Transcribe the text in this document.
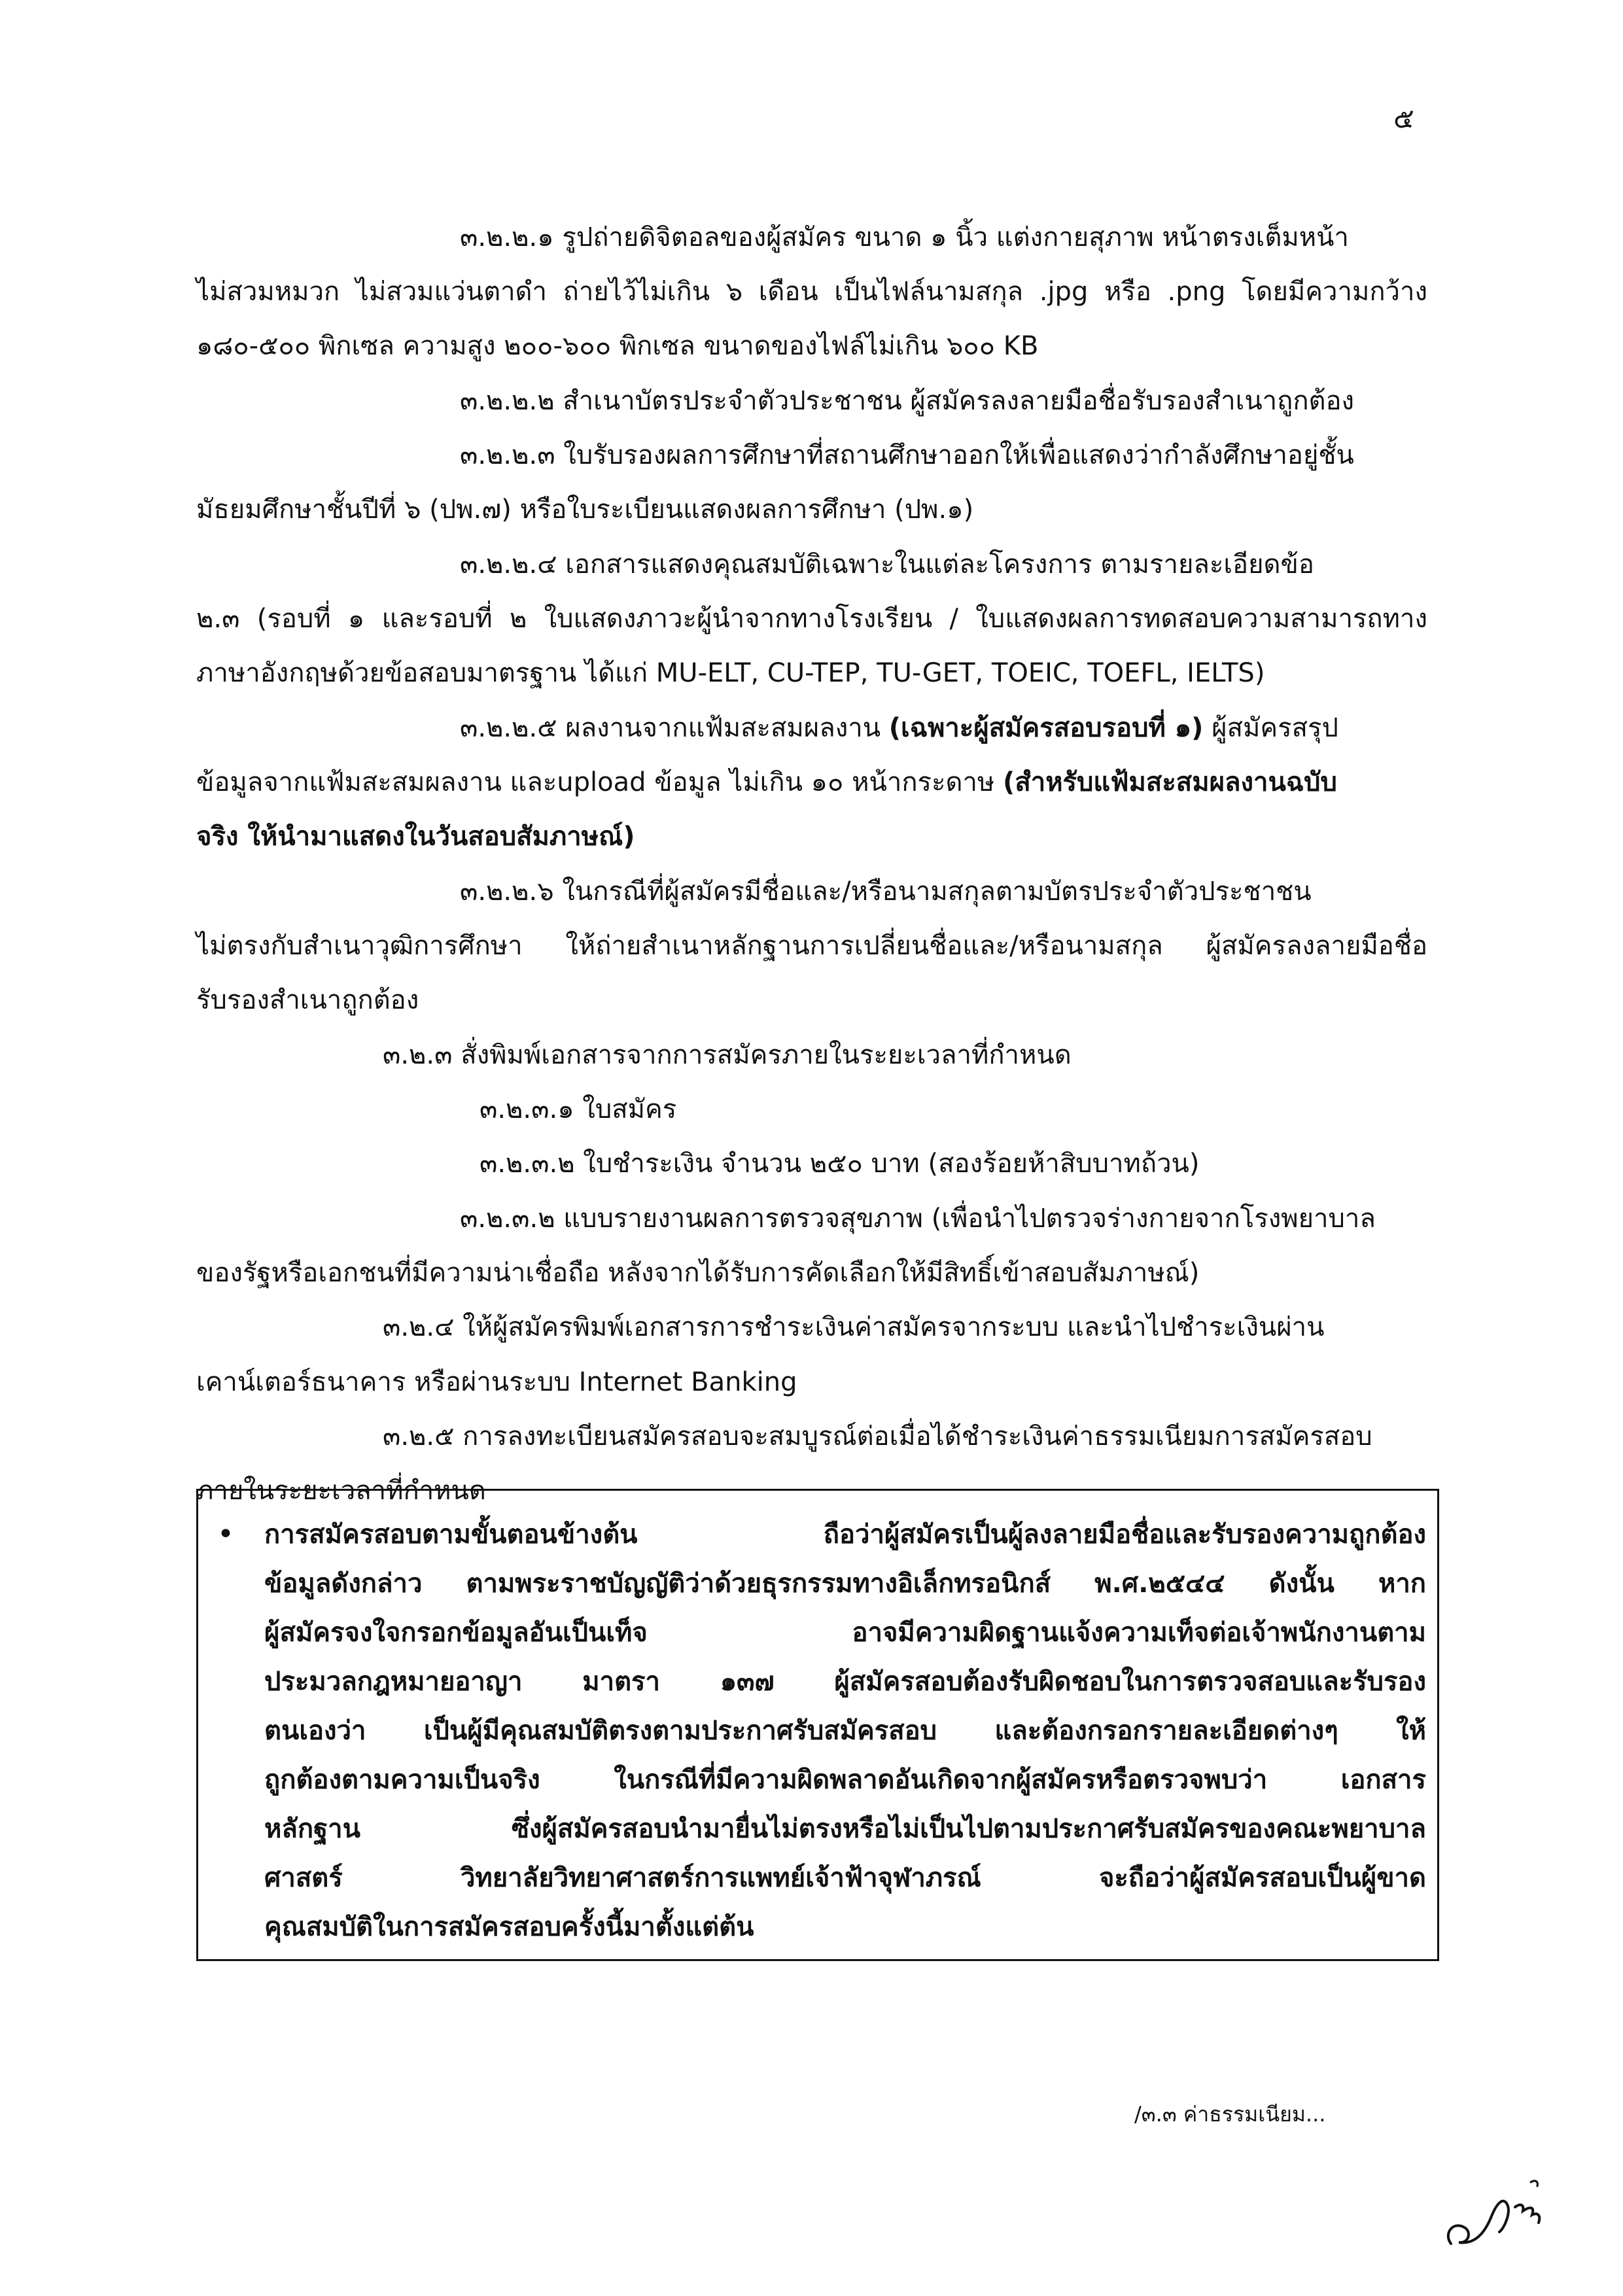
๕
๓.๒.๒.๑ รูปถ่ายดิจิตอลของผู้สมัคร ขนาด ๑ นิ้ว แต่งกายสุภาพ หน้าตรงเต็มหน้า
ไม่สวมหมวก ไม่สวมแว่นตาดำ ถ่ายไว้ไม่เกิน ๖ เดือน เป็นไฟล์นามสกุล .jpg หรือ .png โดยมีความกว้าง
๑๘๐-๕๐๐ พิกเซล ความสูง ๒๐๐-๖๐๐ พิกเซล ขนาดของไฟล์ไม่เกิน ๖๐๐ KB
๓.๒.๒.๒ สำเนาบัตรประจำตัวประชาชน ผู้สมัครลงลายมือชื่อรับรองสำเนาถูกต้อง
๓.๒.๒.๓ ใบรับรองผลการศึกษาที่สถานศึกษาออกให้เพื่อแสดงว่ากำลังศึกษาอยู่ชั้น
มัธยมศึกษาชั้นปีที่ ๖ (ปพ.๗) หรือใบระเบียนแสดงผลการศึกษา (ปพ.๑)
๓.๒.๒.๔ เอกสารแสดงคุณสมบัติเฉพาะในแต่ละโครงการ ตามรายละเอียดข้อ
๒.๓ (รอบที่ ๑ และรอบที่ ๒ ใบแสดงภาวะผู้นำจากทางโรงเรียน / ใบแสดงผลการทดสอบความสามารถทาง
ภาษาอังกฤษด้วยข้อสอบมาตรฐาน ได้แก่ MU-ELT, CU-TEP, TU-GET, TOEIC, TOEFL, IELTS)
๓.๒.๒.๕ ผลงานจากแฟ้มสะสมผลงาน (เฉพาะผู้สมัครสอบรอบที่ ๑) ผู้สมัครสรุป
ข้อมูลจากแฟ้มสะสมผลงาน และupload ข้อมูล ไม่เกิน ๑๐ หน้ากระดาษ (สำหรับแฟ้มสะสมผลงานฉบับ
จริง ให้นำมาแสดงในวันสอบสัมภาษณ์)
๓.๒.๒.๖ ในกรณีที่ผู้สมัครมีชื่อและ/หรือนามสกุลตามบัตรประจำตัวประชาชน
ไม่ตรงกับสำเนาวุฒิการศึกษา ให้ถ่ายสำเนาหลักฐานการเปลี่ยนชื่อและ/หรือนามสกุล ผู้สมัครลงลายมือชื่อ
รับรองสำเนาถูกต้อง
๓.๒.๓ สั่งพิมพ์เอกสารจากการสมัครภายในระยะเวลาที่กำหนด
๓.๒.๓.๑ ใบสมัคร
๓.๒.๓.๒ ใบชำระเงิน จำนวน ๒๕๐ บาท (สองร้อยห้าสิบบาทถ้วน)
๓.๒.๓.๒ แบบรายงานผลการตรวจสุขภาพ (เพื่อนำไปตรวจร่างกายจากโรงพยาบาล
ของรัฐหรือเอกชนที่มีความน่าเชื่อถือ หลังจากได้รับการคัดเลือกให้มีสิทธิ์เข้าสอบสัมภาษณ์)
๓.๒.๔ ให้ผู้สมัครพิมพ์เอกสารการชำระเงินค่าสมัครจากระบบ และนำไปชำระเงินผ่าน
เคาน์เตอร์ธนาคาร หรือผ่านระบบ Internet Banking
๓.๒.๕ การลงทะเบียนสมัครสอบจะสมบูรณ์ต่อเมื่อได้ชำระเงินค่าธรรมเนียมการสมัครสอบ
ภายในระยะเวลาที่กำหนด
• การสมัครสอบตามขั้นตอนข้างต้น ถือว่าผู้สมัครเป็นผู้ลงลายมือชื่อและรับรองความถูกต้อง
ข้อมูลดังกล่าว ตามพระราชบัญญัติว่าด้วยธุรกรรมทางอิเล็กทรอนิกส์ พ.ศ.๒๕๔๔ ดังนั้น หาก
ผู้สมัครจงใจกรอกข้อมูลอันเป็นเท็จ อาจมีความผิดฐานแจ้งความเท็จต่อเจ้าพนักงานตาม
ประมวลกฎหมายอาญา มาตรา ๑๓๗ ผู้สมัครสอบต้องรับผิดชอบในการตรวจสอบและรับรอง
ตนเองว่า เป็นผู้มีคุณสมบัติตรงตามประกาศรับสมัครสอบ และต้องกรอกรายละเอียดต่างๆ ให้
ถูกต้องตามความเป็นจริง ในกรณีที่มีความผิดพลาดอันเกิดจากผู้สมัครหรือตรวจพบว่า เอกสาร
หลักฐาน ซึ่งผู้สมัครสอบนำมายื่นไม่ตรงหรือไม่เป็นไปตามประกาศรับสมัครของคณะพยาบาล
ศาสตร์ วิทยาลัยวิทยาศาสตร์การแพทย์เจ้าฟ้าจุฬาภรณ์ จะถือว่าผู้สมัครสอบเป็นผู้ขาด
คุณสมบัติในการสมัครสอบครั้งนี้มาตั้งแต่ต้น
/๓.๓ ค่าธรรมเนียม...
